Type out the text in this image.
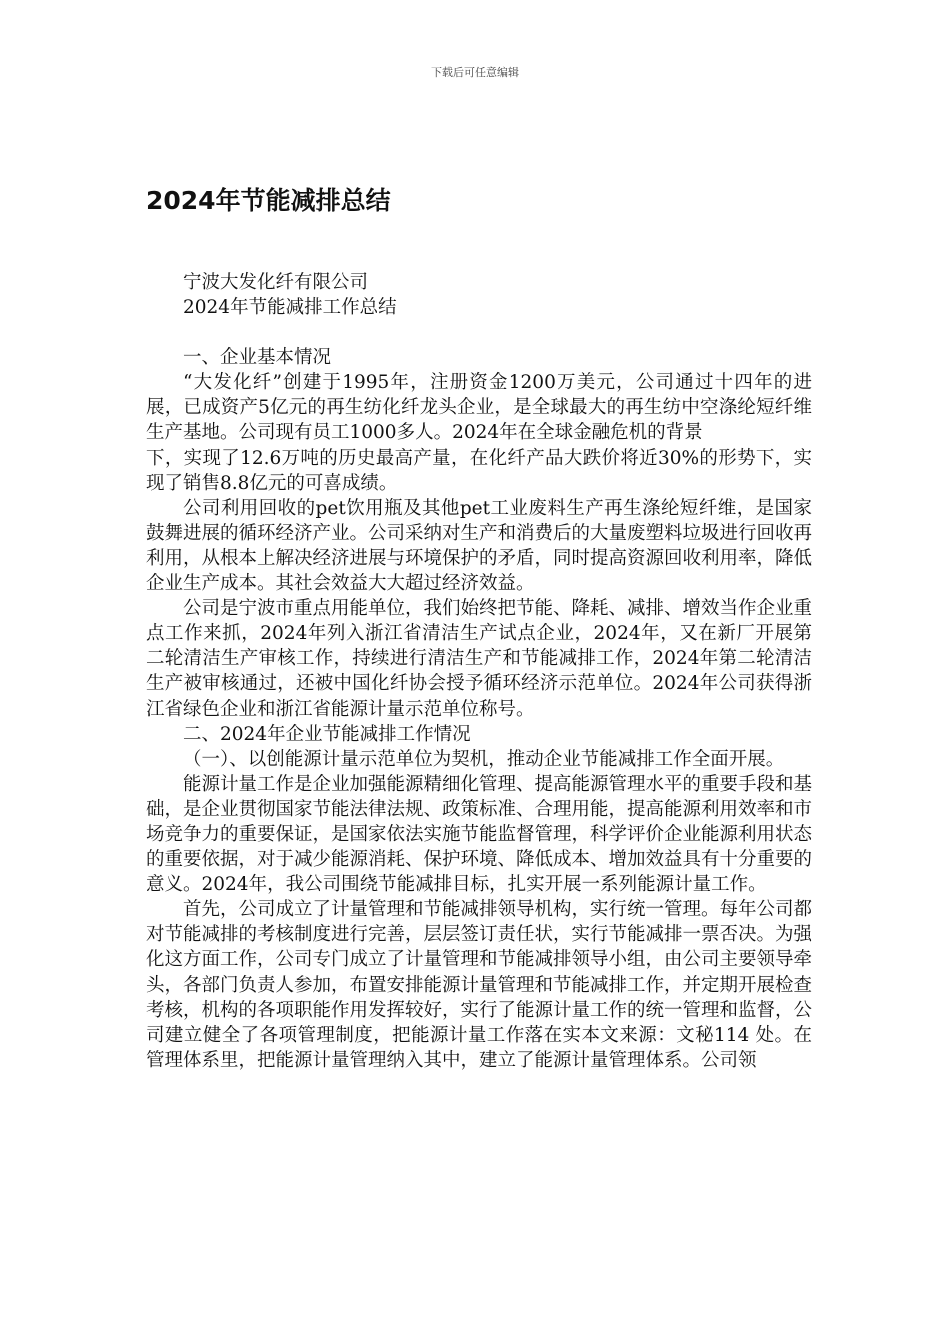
下载后可任意编辑
2024年节能减排总结

宁波大发化纤有限公司

2024年节能减排工作总结

一、企业基本情况

“大发化纤”创建于1995年，注册资金1200万美元，公司通过十四年的进展，已成资产5亿元的再生纺化纤龙头企业，是全球最大的再生纺中空涤纶短纤维生产基地。公司现有员工1000多人。2024年在全球金融危机的背景

下，实现了12.6万吨的历史最高产量，在化纤产品大跌价将近30%的形势下，实现了销售8.8亿元的可喜成绩。

公司利用回收的pet饮用瓶及其他pet工业废料生产再生涤纶短纤维，是国家鼓舞进展的循环经济产业。公司采纳对生产和消费后的大量废塑料垃圾进行回收再利用，从根本上解决经济进展与环境保护的矛盾，同时提高资源回收利用率，降低企业生产成本。其社会效益大大超过经济效益。

公司是宁波市重点用能单位，我们始终把节能、降耗、减排、增效当作企业重点工作来抓，2024年列入浙江省清洁生产试点企业，2024年，又在新厂开展第二轮清洁生产审核工作，持续进行清洁生产和节能减排工作，2024年第二轮清洁生产被审核通过，还被中国化纤协会授予循环经济示范单位。2024年公司获得浙江省绿色企业和浙江省能源计量示范单位称号。

二、2024年企业节能减排工作情况

（一）、以创能源计量示范单位为契机，推动企业节能减排工作全面开展。

能源计量工作是企业加强能源精细化管理、提高能源管理水平的重要手段和基础，是企业贯彻国家节能法律法规、政策标准、合理用能，提高能源利用效率和市场竞争力的重要保证，是国家依法实施节能监督管理，科学评价企业能源利用状态的重要依据，对于减少能源消耗、保护环境、降低成本、增加效益具有十分重要的意义。2024年，我公司围绕节能减排目标，扎实开展一系列能源计量工作。

首先，公司成立了计量管理和节能减排领导机构，实行统一管理。每年公司都对节能减排的考核制度进行完善，层层签订责任状，实行节能减排一票否决。为强化这方面工作，公司专门成立了计量管理和节能减排领导小组，由公司主要领导牵头，各部门负责人参加，布置安排能源计量管理和节能减排工作，并定期开展检查考核，机构的各项职能作用发挥较好，实行了能源计量工作的统一管理和监督，公司建立健全了各项管理制度，把能源计量工作落在实本文来源：文秘114 处。在管理体系里，把能源计量管理纳入其中，建立了能源计量管理体系。公司领
